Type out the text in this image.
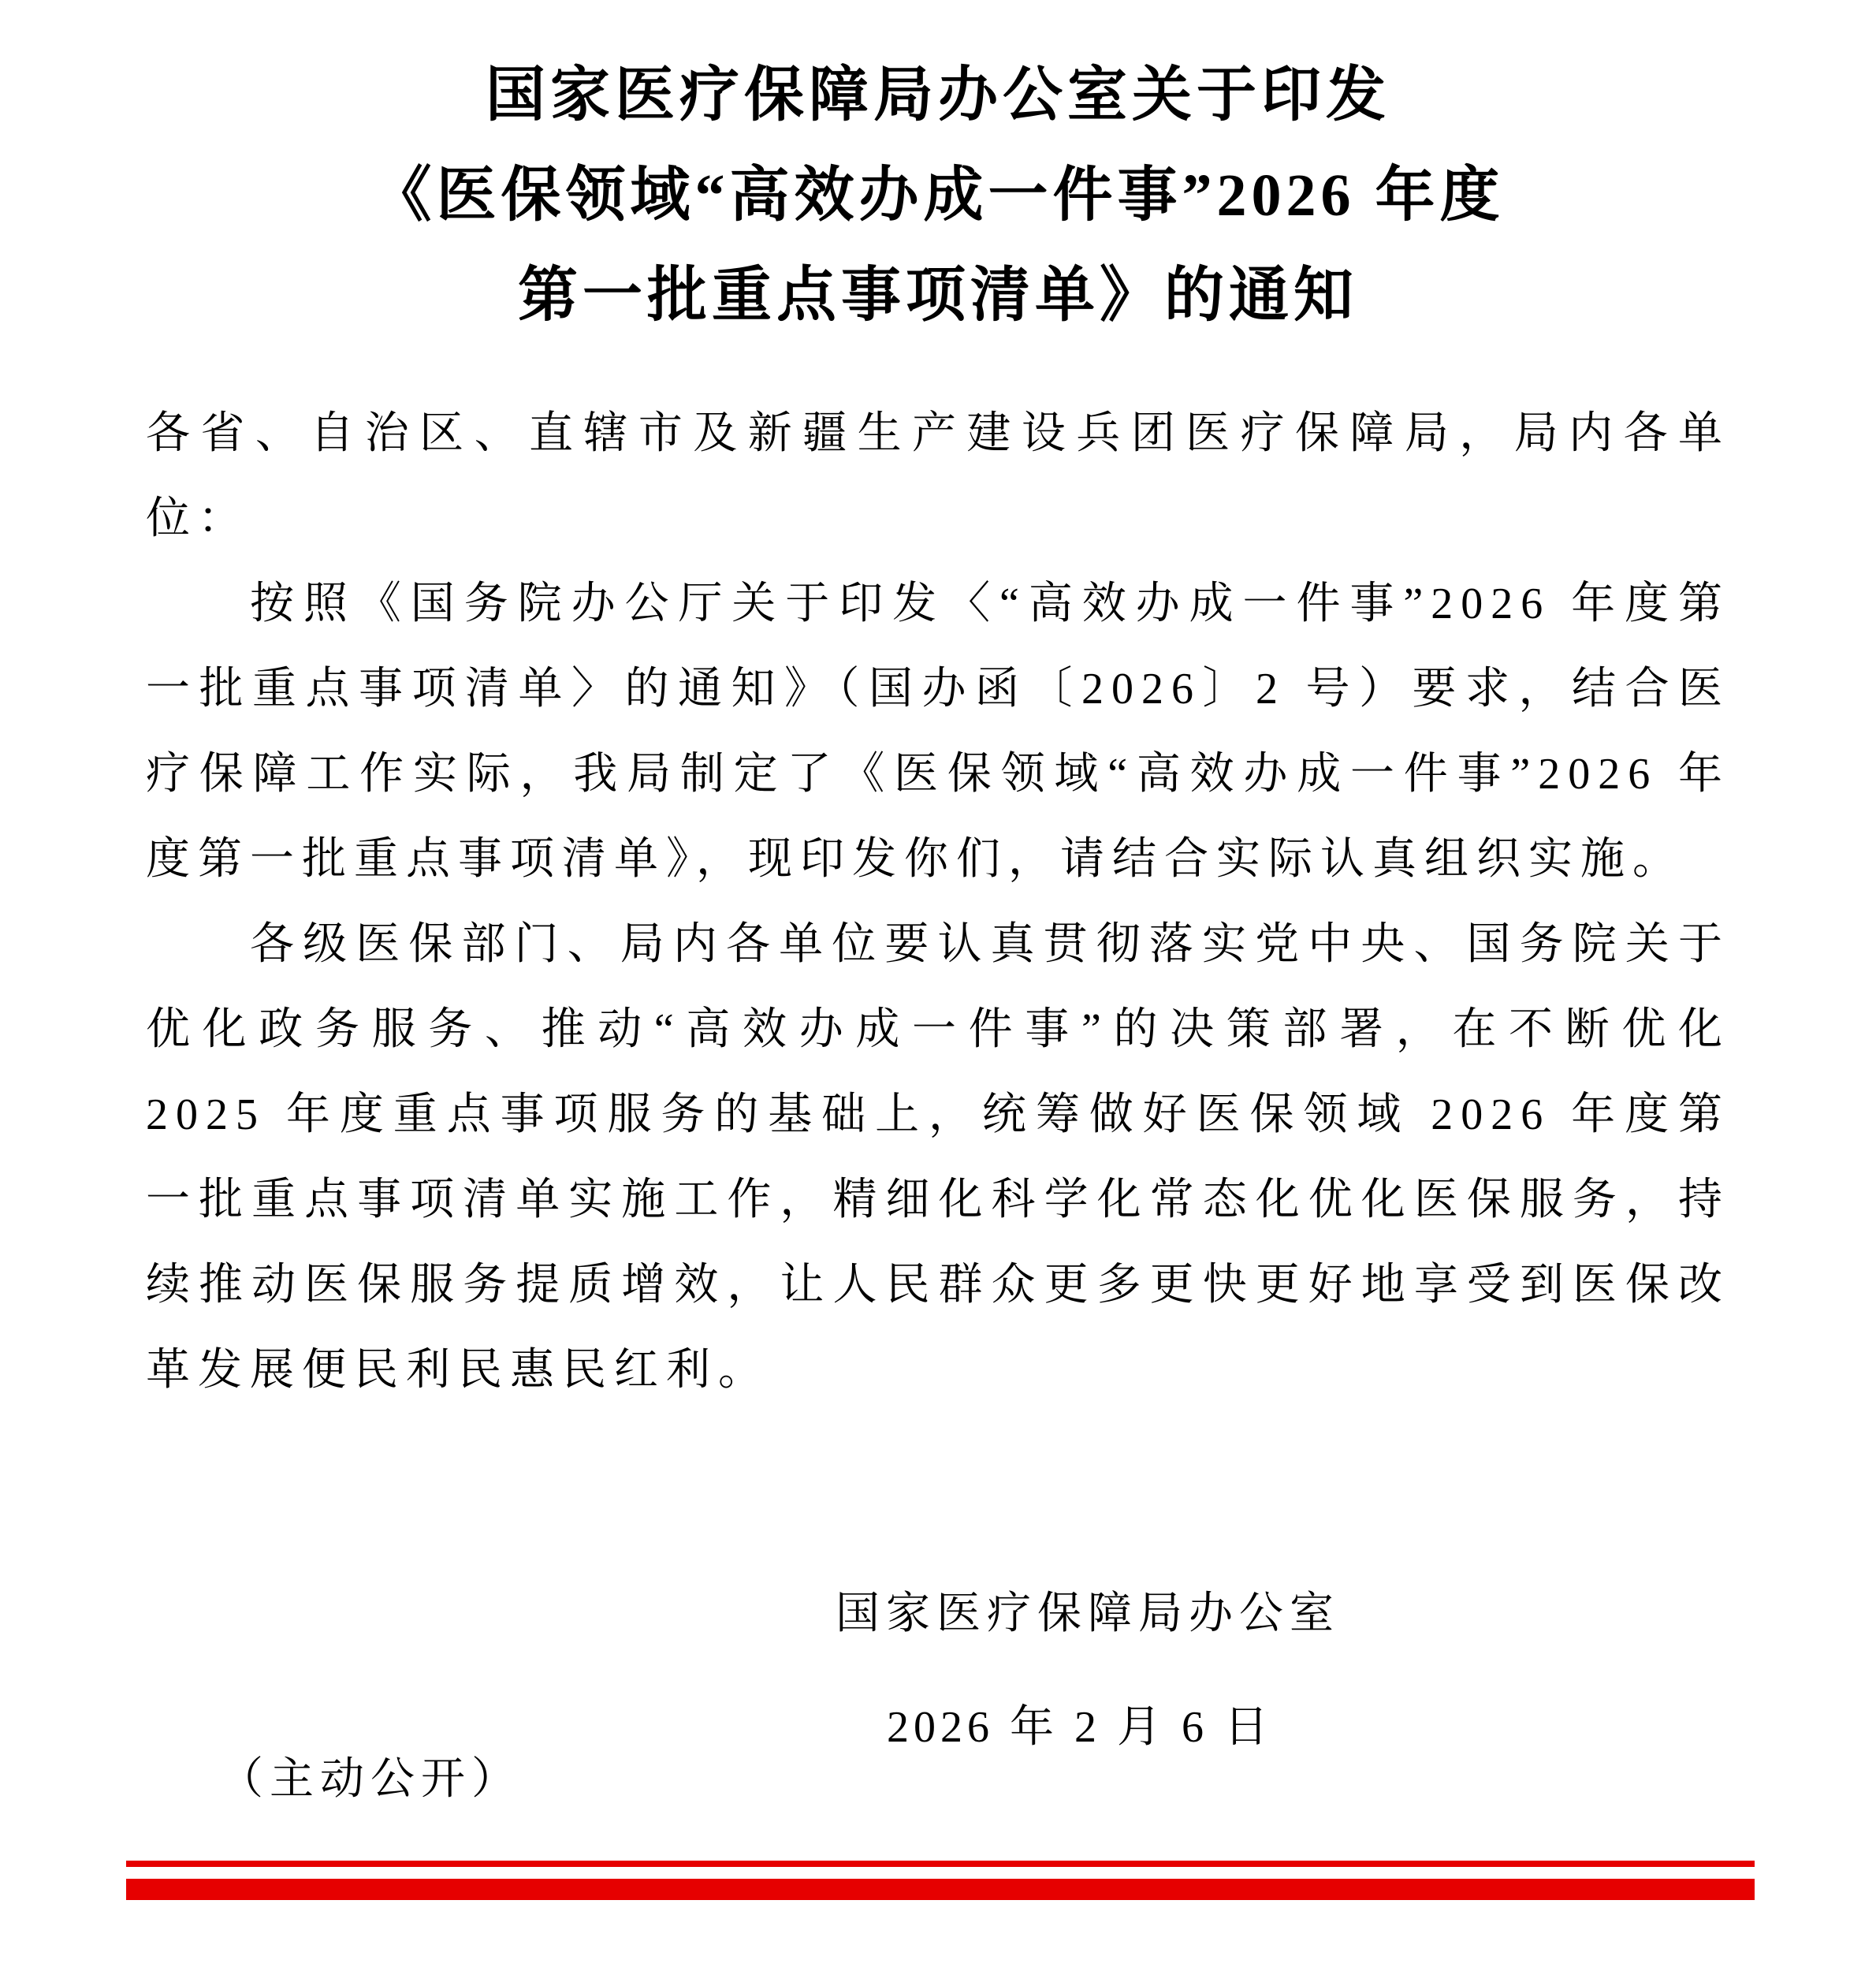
国家医疗保障局办公室关于印发
《医保领域“高效办成一件事”2026 年度
第一批重点事项清单》的通知

各省、自治区、直辖市及新疆生产建设兵团医疗保障局，局内各单位：

按照《国务院办公厅关于印发〈“高效办成一件事”2026 年度第一批重点事项清单〉的通知》（国办函〔2026〕2 号）要求，结合医疗保障工作实际，我局制定了《医保领域“高效办成一件事”2026 年度第一批重点事项清单》，现印发你们，请结合实际认真组织实施。

各级医保部门、局内各单位要认真贯彻落实党中央、国务院关于优化政务服务、推动“高效办成一件事”的决策部署，在不断优化 2025 年度重点事项服务的基础上，统筹做好医保领域 2026 年度第一批重点事项清单实施工作，精细化科学化常态化优化医保服务，持续推动医保服务提质增效，让人民群众更多更快更好地享受到医保改革发展便民利民惠民红利。

国家医疗保障局办公室
2026 年 2 月 6 日
（主动公开）
